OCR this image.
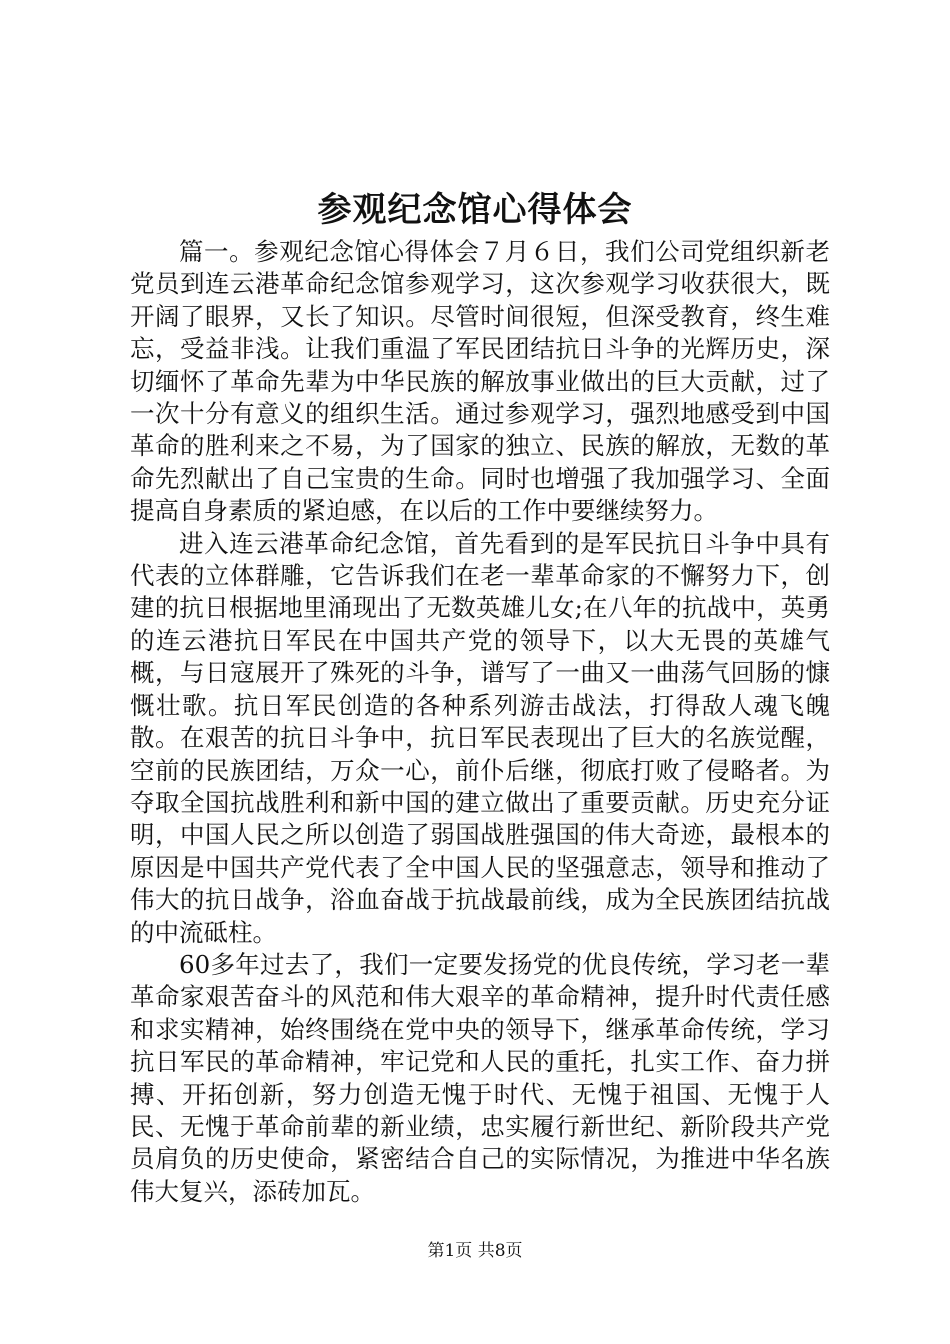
参观纪念馆心得体会

篇一。参观纪念馆心得体会７月６日，我们公司党组织新老党员到连云港革命纪念馆参观学习，这次参观学习收获很大，既开阔了眼界，又长了知识。尽管时间很短，但深受教育，终生难忘，受益非浅。让我们重温了军民团结抗日斗争的光辉历史，深切缅怀了革命先辈为中华民族的解放事业做出的巨大贡献，过了一次十分有意义的组织生活。通过参观学习，强烈地感受到中国革命的胜利来之不易，为了国家的独立、民族的解放，无数的革命先烈献出了自己宝贵的生命。同时也增强了我加强学习、全面提高自身素质的紧迫感，在以后的工作中要继续努力。

进入连云港革命纪念馆，首先看到的是军民抗日斗争中具有代表的立体群雕，它告诉我们在老一辈革命家的不懈努力下，创建的抗日根据地里涌现出了无数英雄儿女;在八年的抗战中，英勇的连云港抗日军民在中国共产党的领导下，以大无畏的英雄气概，与日寇展开了殊死的斗争，谱写了一曲又一曲荡气回肠的慷慨壮歌。抗日军民创造的各种系列游击战法，打得敌人魂飞魄散。在艰苦的抗日斗争中，抗日军民表现出了巨大的名族觉醒，空前的民族团结，万众一心，前仆后继，彻底打败了侵略者。为夺取全国抗战胜利和新中国的建立做出了重要贡献。历史充分证明，中国人民之所以创造了弱国战胜强国的伟大奇迹，最根本的原因是中国共产党代表了全中国人民的坚强意志，领导和推动了伟大的抗日战争，浴血奋战于抗战最前线，成为全民族团结抗战的中流砥柱。

60多年过去了，我们一定要发扬党的优良传统，学习老一辈革命家艰苦奋斗的风范和伟大艰辛的革命精神，提升时代责任感和求实精神，始终围绕在党中央的领导下，继承革命传统，学习抗日军民的革命精神，牢记党和人民的重托，扎实工作、奋力拼搏、开拓创新，努力创造无愧于时代、无愧于祖国、无愧于人民、无愧于革命前辈的新业绩，忠实履行新世纪、新阶段共产党员肩负的历史使命，紧密结合自己的实际情况，为推进中华名族伟大复兴，添砖加瓦。

第1页 共8页
